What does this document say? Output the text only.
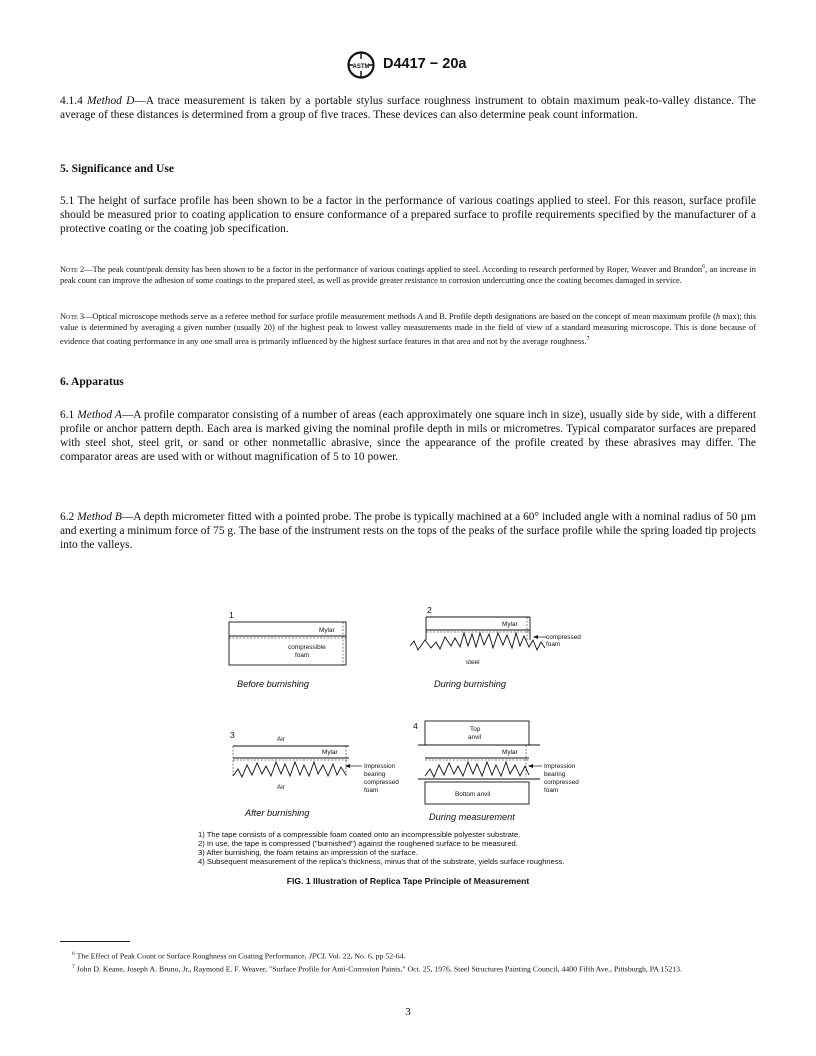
ASTM D4417 − 20a

4.1.4 Method D—A trace measurement is taken by a portable stylus surface roughness instrument to obtain maximum peak-to-valley distance. The average of these distances is determined from a group of five traces. These devices can also determine peak count information.

5. Significance and Use

5.1 The height of surface profile has been shown to be a factor in the performance of various coatings applied to steel. For this reason, surface profile should be measured prior to coating application to ensure conformance of a prepared surface to profile requirements specified by the manufacturer of a protective coating or the coating job specification.

Note 2—The peak count/peak density has been shown to be a factor in the performance of various coatings applied to steel. According to research performed by Roper, Weaver and Brandon$^6$, an increase in peak count can improve the adhesion of some coatings to the prepared steel, as well as provide greater resistance to corrosion undercutting once the coating becomes damaged in service.

Note 3—Optical microscope methods serve as a referee method for surface profile measurement methods A and B. Profile depth designations are based on the concept of mean maximum profile (h max); this value is determined by averaging a given number (usually 20) of the highest peak to lowest valley measurements made in the field of view of a standard measuring microscope. This is done because of evidence that coating performance in any one small area is primarily influenced by the highest surface features in that area and not by the average roughness.$^7$

6. Apparatus

6.1 Method A—A profile comparator consisting of a number of areas (each approximately one square inch in size), usually side by side, with a different profile or anchor pattern depth. Each area is marked giving the nominal profile depth in mils or micrometres. Typical comparator surfaces are prepared with steel shot, steel grit, or sand or other nonmetallic abrasive, since the appearance of the profile created by these abrasives may differ. The comparator areas are used with or without magnification of 5 to 10 power.

6.2 Method B—A depth micrometer fitted with a pointed probe. The probe is typically machined at a 60° included angle with a nominal radius of 50 µm and exerting a minimum force of 75 g. The base of the instrument rests on the tops of the peaks of the surface profile while the spring loaded tip projects into the valleys.

1
Mylar
compressible
foam
Before burnishing
2
Mylar
compressed
foam
steel
During burnishing
3	Air
Mylar
Air
Impression
bearing
compressed
foam
After burnishing
4	Top
anvil
Mylar
Bottom anvil
Impression
bearing
compressed
foam
During measurement
1) The tape consists of a compressible foam coated onto an incompressible polyester substrate.
2) In use, the tape is compressed ("burnished") against the roughened surface to be measured.
3) After burnishing, the foam retains an impression of the surface.
4) Subsequent measurement of the replica's thickness, minus that of the substrate, yields surface roughness.
FIG. 1 Illustration of Replica Tape Principle of Measurement

$^6$ The Effect of Peak Count or Surface Roughness on Coating Performance, JPCL Vol. 22, No. 6, pp 52-64.

$^7$ John D. Keane, Joseph A. Bruno, Jr., Raymond E. F. Weaver, "Surface Profile for Anti-Corrosion Paints," Oct. 25, 1976, Steel Structures Painting Council, 4400 Fifth Ave., Pittsburgh, PA 15213.

3
